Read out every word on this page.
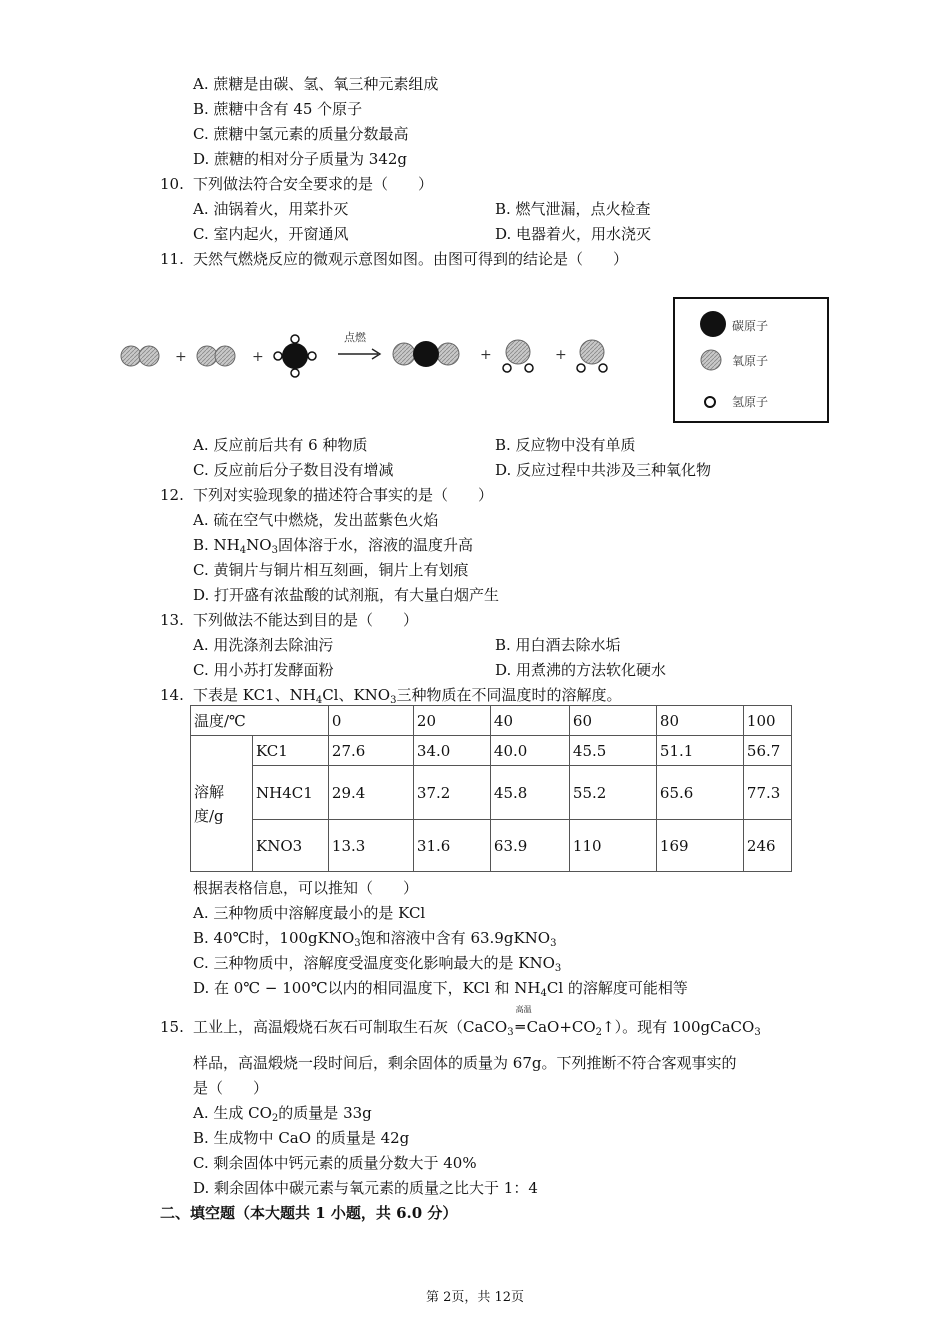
A. 蔗糖是由碳、氢、氧三种元素组成
B. 蔗糖中含有 45 个原子
C. 蔗糖中氢元素的质量分数最高
D. 蔗糖的相对分子质量为 342g
10. 下列做法符合安全要求的是（　　）
A. 油锅着火，用菜扑灭	B. 燃气泄漏，点火检查
C. 室内起火，开窗通风	D. 电器着火，用水浇灭
11. 天然气燃烧反应的微观示意图如图。由图可得到的结论是（　　）
+	+
点燃
+	+
碳原子
氧原子
氢原子
A. 反应前后共有 6 种物质	B. 反应物中没有单质
C. 反应前后分子数目没有增减	D. 反应过程中共涉及三种氧化物
12. 下列对实验现象的描述符合事实的是（　　）
A. 硫在空气中燃烧，发出蓝紫色火焰
B. $NH_4NO_3$固体溶于水，溶液的温度升高
C. 黄铜片与铜片相互刻画，铜片上有划痕
D. 打开盛有浓盐酸的试剂瓶，有大量白烟产生
13. 下列做法不能达到目的是（　　）
A. 用洗涤剂去除油污	B. 用白酒去除水垢
C. 用小苏打发酵面粉	D. 用煮沸的方法软化硬水
14. 下表是 KC1、$NH_4Cl$、$KNO_3$三种物质在不同温度时的溶解度。
温度/℃		0	20	40	60	80	100
溶解度/g	KC1	27.6	34.0	40.0	45.5	51.1	56.7
	NH4C1	29.4	37.2	45.8	55.2	65.6	77.3
	KNO3	13.3	31.6	63.9	110	169	246
根据表格信息，可以推知（　　）
A. 三种物质中溶解度最小的是 KCl
B. 40℃时，100gKNO$_3$饱和溶液中含有 63.9gKNO$_3$
C. 三种物质中，溶解度受温度变化影响最大的是 $KNO_3$
D. 在 0℃ − 100℃以内的相同温度下，KCl 和 $NH_4Cl$ 的溶解度可能相等
15. 工业上，高温煅烧石灰石可制取生石灰（CaCO$_3$
高温
═ $CaO+CO_2↑$）。现有 100gCaCO$_3$
样品，高温煅烧一段时间后，剩余固体的质量为 67g。下列推断不符合客观事实的
是（　　）
A. 生成 $CO_2$的质量是 33g
B. 生成物中 CaO 的质量是 42g
C. 剩余固体中钙元素的质量分数大于 40%
D. 剩余固体中碳元素与氧元素的质量之比大于 1：4
二、填空题（本大题共 1 小题，共 6.0 分）
第 2页，共 12页
